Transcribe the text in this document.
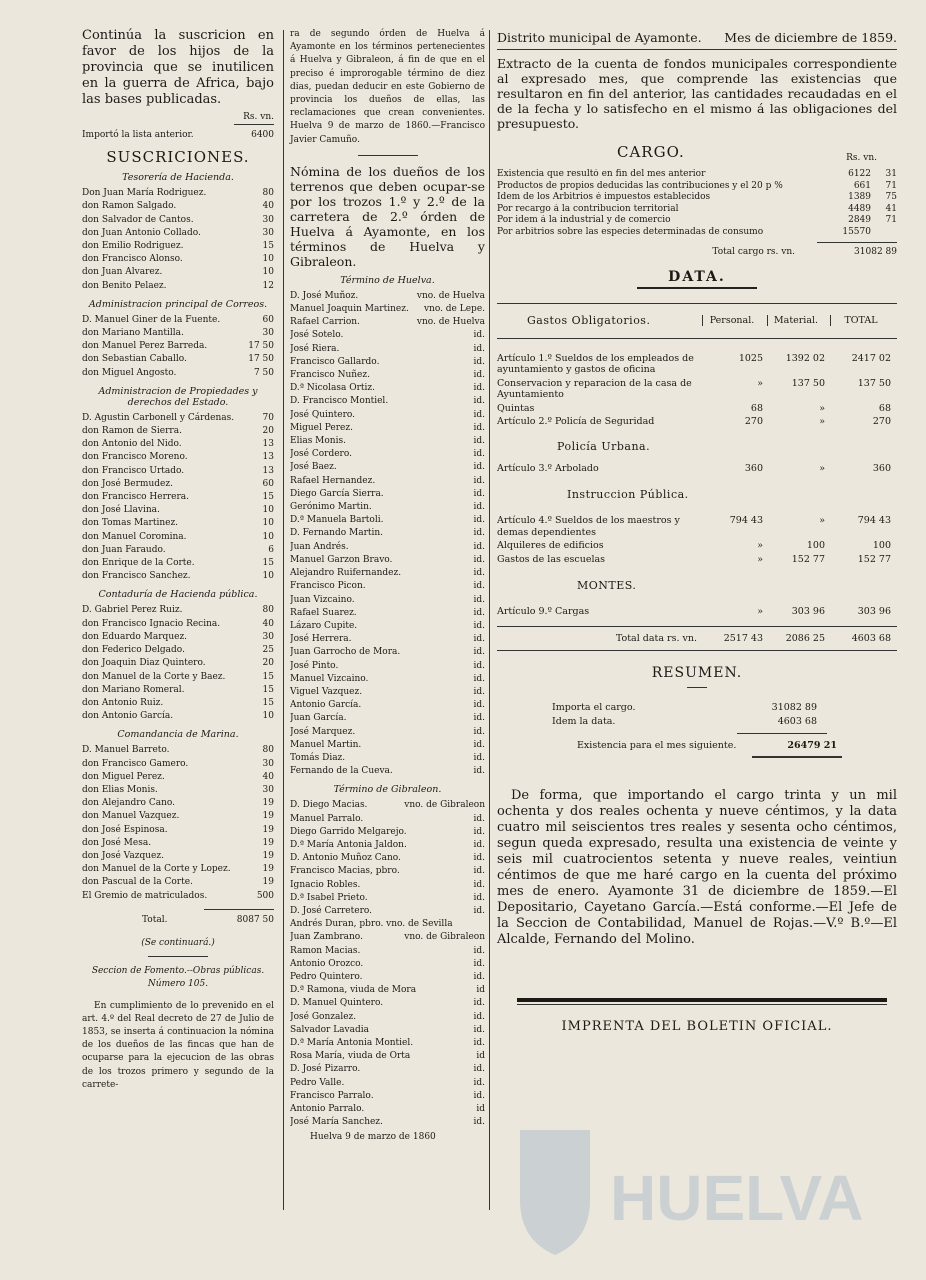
Continúa la suscricion en favor de los hijos de la provincia que se inutilicen en la guerra de Africa, bajo las bases publicadas.

Rs. vn.
Importó la lista anterior.	6400
SUSCRICIONES.
Tesorería de Hacienda.
Don Juan María Rodriguez.	80
don Ramon Salgado.	40
don Salvador de Cantos.	30
don Juan Antonio Collado.	30
don Emilio Rodriguez.	15
don Francisco Alonso.	10
don Juan Alvarez.	10
don Benito Pelaez.	12
Administracion principal de Correos.
D. Manuel Giner de la Fuente.	60
don Mariano Mantilla.	30
don Manuel Perez Barreda.	17 50
don Sebastian Caballo.	17 50
don Miguel Angosto.	7 50
Administracion de Propiedades y derechos del Estado.
D. Agustin Carbonell y Cárdenas.	70
don Ramon de Sierra.	20
don Antonio del Nido.	13
don Francisco Moreno.	13
don Francisco Urtado.	13
don José Bermudez.	60
don Francisco Herrera.	15
don José Llavina.	10
don Tomas Martinez.	10
don Manuel Coromina.	10
don Juan Faraudo.	6
don Enrique de la Corte.	15
don Francisco Sanchez.	10
Contaduría de Hacienda pública.
D. Gabriel Perez Ruiz.	80
don Francisco Ignacio Recina.	40
don Eduardo Marquez.	30
don Federico Delgado.	25
don Joaquin Diaz Quintero.	20
don Manuel de la Corte y Baez.	15
don Mariano Romeral.	15
don Antonio Ruiz.	15
don Antonio García.	10
Comandancia de Marina.
D. Manuel Barreto.	80
don Francisco Gamero.	30
don Miguel Perez.	40
don Elias Monis.	30
don Alejandro Cano.	19
don Manuel Vazquez.	19
don José Espinosa.	19
don José Mesa.	19
don José Vazquez.	19
don Manuel de la Corte y Lopez.	19
don Pascual de la Corte.	19
El Gremio de matriculados.	500
Total.	8087 50
(Se continuará.)
Seccion de Fomento.--Obras públicas. Número 105.

En cumplimiento de lo prevenido en el art. 4.º del Real decreto de 27 de Julio de 1853, se inserta á continuacion la nómina de los dueños de las fincas que han de ocuparse para la ejecucion de las obras de los trozos primero y segundo de la carrete-

ra de segundo órden de Huelva á Ayamonte en los términos pertenecientes á Huelva y Gibraleon, á fin de que en el preciso é improrogable término de diez dias, puedan deducir en este Gobierno de provincia los dueños de ellas, las reclamaciones que crean convenientes. Huelva 9 de marzo de 1860.—Francisco Javier Camuño.

Nómina de los dueños de los terrenos que deben ocupar-se por los trozos 1.º y 2.º de la carretera de 2.º órden de Huelva á Ayamonte, en los términos de Huelva y Gibraleon.

Término de Huelva.
D. José Muñoz.	vno. de Huelva
Manuel Joaquin Martinez.	vno. de Lepe.
Rafael Carrion.	vno. de Huelva
José Sotelo.	id.
José Riera.	id.
Francisco Gallardo.	id.
Francisco Nuñez.	id.
D.ª Nicolasa Ortiz.	id.
D. Francisco Montiel.	id.
José Quintero.	id.
Miguel Perez.	id.
Elias Monis.	id.
José Cordero.	id.
José Baez.	id.
Rafael Hernandez.	id.
Diego García Sierra.	id.
Gerónimo Martin.	id.
D.ª Manuela Bartoli.	id.
D. Fernando Martin.	id.
Juan Andrés.	id.
Manuel Garzon Bravo.	id.
Alejandro Ruifernandez.	id.
Francisco Picon.	id.
Juan Vizcaino.	id.
Rafael Suarez.	id.
Lázaro Cupite.	id.
José Herrera.	id.
Juan Garrocho de Mora.	id.
José Pinto.	id.
Manuel Vizcaino.	id.
Viguel Vazquez.	id.
Antonio García.	id.
Juan García.	id.
José Marquez.	id.
Manuel Martin.	id.
Tomás Diaz.	id.
Fernando de la Cueva.	id.
Término de Gibraleon.
D. Diego Macias.	vno. de Gibraleon
Manuel Parralo.	id.
Diego Garrido Melgarejo.	id.
D.ª María Antonia Jaldon.	id.
D. Antonio Muñoz Cano.	id.
Francisco Macias, pbro.	id.
Ignacio Robles.	id.
D.ª Isabel Prieto.	id.
D. José Carretero.	id.
Andrés Duran, pbro. vno. de Sevilla
Juan Zambrano.	vno. de Gibraleon
Ramon Macias.	id.
Antonio Orozco.	id.
Pedro Quintero.	id.
D.ª Ramona, viuda de Mora	id
D. Manuel Quintero.	id.
José Gonzalez.	id.
Salvador Lavadia	id.
D.ª María Antonia Montiel.	id.
Rosa María, viuda de Orta	id
D. José Pizarro.	id.
Pedro Valle.	id.
Francisco Parralo.	id.
Antonio Parralo.	id
José María Sanchez.	id.
Huelva 9 de marzo de 1860
Distrito municipal de Ayamonte. Mes de diciembre de 1859.

Extracto de la cuenta de fondos municipales correspondiente al expresado mes, que comprende las existencias que resultaron en fin del anterior, las cantidades recaudadas en el de la fecha y lo satisfecho en el mismo á las obligaciones del presupuesto.

CARGO.	Rs. vn.
Existencia que resultó en fin del mes anterior	6122	31
Productos de propios deducidas las contribuciones y el 20 p %	661	71
Idem de los Arbitrios é impuestos establecidos	1389	75
Por recargo á la contribucion territorial	4489	41
Por idem á la industrial y de comercio	2849	71
Por arbitrios sobre las especies determinadas de consumo	15570
Total cargo rs. vn.	31082 89
DATA.
Gastos Obligatorios.	Personal.	Material.	TOTAL
Artículo 1.º Sueldos de los empleados de ayuntamiento y gastos de oficina
1025	1392 02	2417 02
Conservacion y reparacion de la casa de Ayuntamiento
»	137 50	137 50
Quintas	68	»	68
Artículo 2.º Policía de Seguridad	270	»	270
Policía Urbana.
Artículo 3.º Arbolado	360	»	360
Instruccion Pública.
Artículo 4.º Sueldos de los maestros y demas dependientes
794 43	»	794 43
Alquileres de edificios	»	100	100
Gastos de las escuelas	»	152 77	152 77
MONTES.
Artículo 9.º Cargas	»	303 96	303 96
Total data rs. vn.	2517 43	2086 25	4603 68
RESUMEN.
Importa el cargo.	31082 89
Idem la data.	4603 68
Existencia para el mes siguiente.	26479 21

De forma, que importando el cargo trinta y un mil ochenta y dos reales ochenta y nueve céntimos, y la data cuatro mil seiscientos tres reales y sesenta ocho céntimos, segun queda expresado, resulta una existencia de veinte y seis mil cuatrocientos setenta y nueve reales, veintiun céntimos de que me haré cargo en la cuenta del próximo mes de enero. Ayamonte 31 de diciembre de 1859.—El Depositario, Cayetano García.—Está conforme.—El Jefe de la Seccion de Contabilidad, Manuel de Rojas.—V.º B.º—El Alcalde, Fernando del Molino.

IMPRENTA DEL BOLETIN OFICIAL.
HUELVA
